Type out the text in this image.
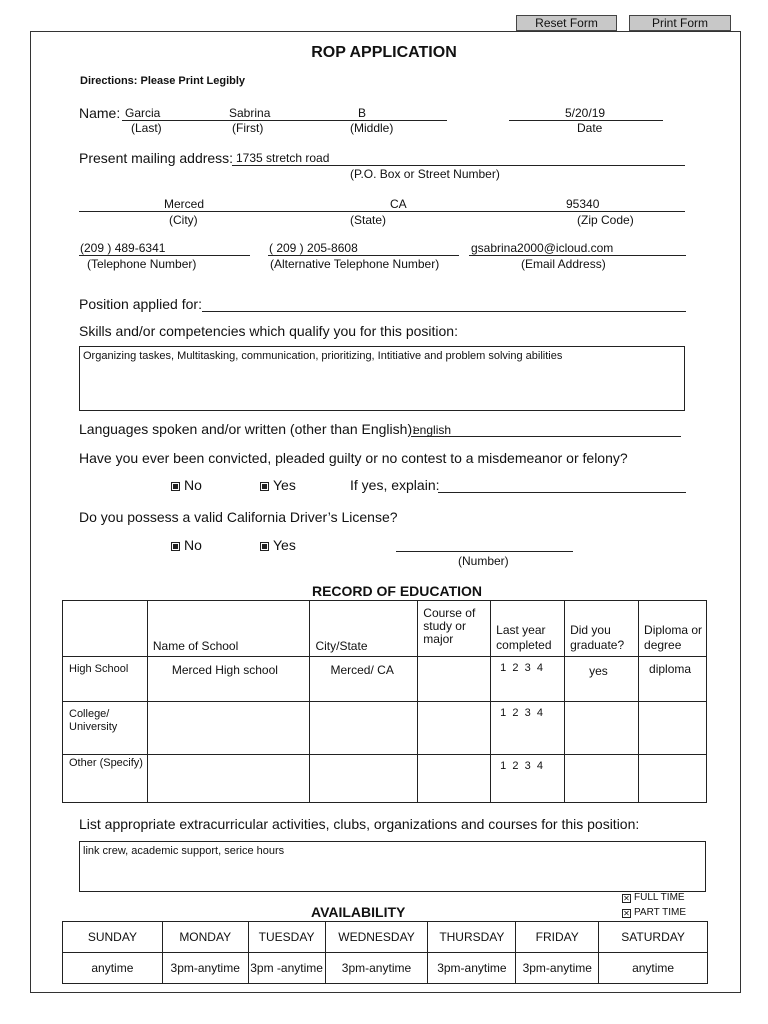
Reset Form	Print Form
ROP APPLICATION
Directions: Please Print Legibly
Name: Garcia	Sabrina	B	5/20/19
(Last)	(First)	(Middle)	Date
Present mailing address: 1735 stretch road
(P.O. Box or Street Number)
Merced	CA	95340
(City)	(State)	(Zip Code)
(209 ) 489-6341	( 209 ) 205-8608	gsabrina2000@icloud.com
(Telephone Number)	(Alternative Telephone Number)	(Email Address)
Position applied for:
Skills and/or competencies which qualify you for this position:
Organizing taskes, Multitasking, communication, prioritizing, Intitiative and problem solving abilities
Languages spoken and/or written (other than English):
english
Have you ever been convicted, pleaded guilty or no contest to a misdemeanor or felony?
No	Yes	If yes, explain:
Do you possess a valid California Driver’s License?
No	Yes
(Number)
RECORD OF EDUCATION
	Name of School	City/State	Course of study or major	Last year completed	Did you graduate?	Diploma or degree
High School	Merced High school	Merced/ CA		1  2  3  4	yes	diploma
College/ University				1  2  3  4		
Other (Specify)				1  2  3  4		
List appropriate extracurricular activities, clubs, organizations and courses for this position:
link crew, academic support, serice hours
✕ FULL TIME
✕ PART TIME
AVAILABILITY
SUNDAY	MONDAY	TUESDAY	WEDNESDAY	THURSDAY	FRIDAY	SATURDAY
anytime	3pm-anytime	3pm -anytime	3pm-anytime	3pm-anytime	3pm-anytime	anytime
